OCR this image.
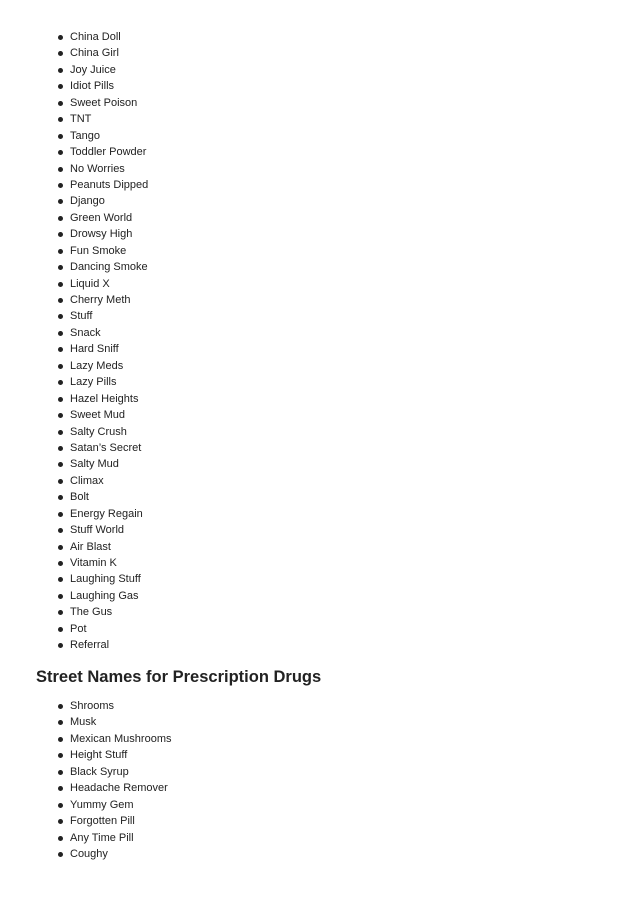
China Doll
China Girl
Joy Juice
Idiot Pills
Sweet Poison
TNT
Tango
Toddler Powder
No Worries
Peanuts Dipped
Django
Green World
Drowsy High
Fun Smoke
Dancing Smoke
Liquid X
Cherry Meth
Stuff
Snack
Hard Sniff
Lazy Meds
Lazy Pills
Hazel Heights
Sweet Mud
Salty Crush
Satan’s Secret
Salty Mud
Climax
Bolt
Energy Regain
Stuff World
Air Blast
Vitamin K
Laughing Stuff
Laughing Gas
The Gus
Pot
Referral
Street Names for Prescription Drugs
Shrooms
Musk
Mexican Mushrooms
Height Stuff
Black Syrup
Headache Remover
Yummy Gem
Forgotten Pill
Any Time Pill
Coughy
